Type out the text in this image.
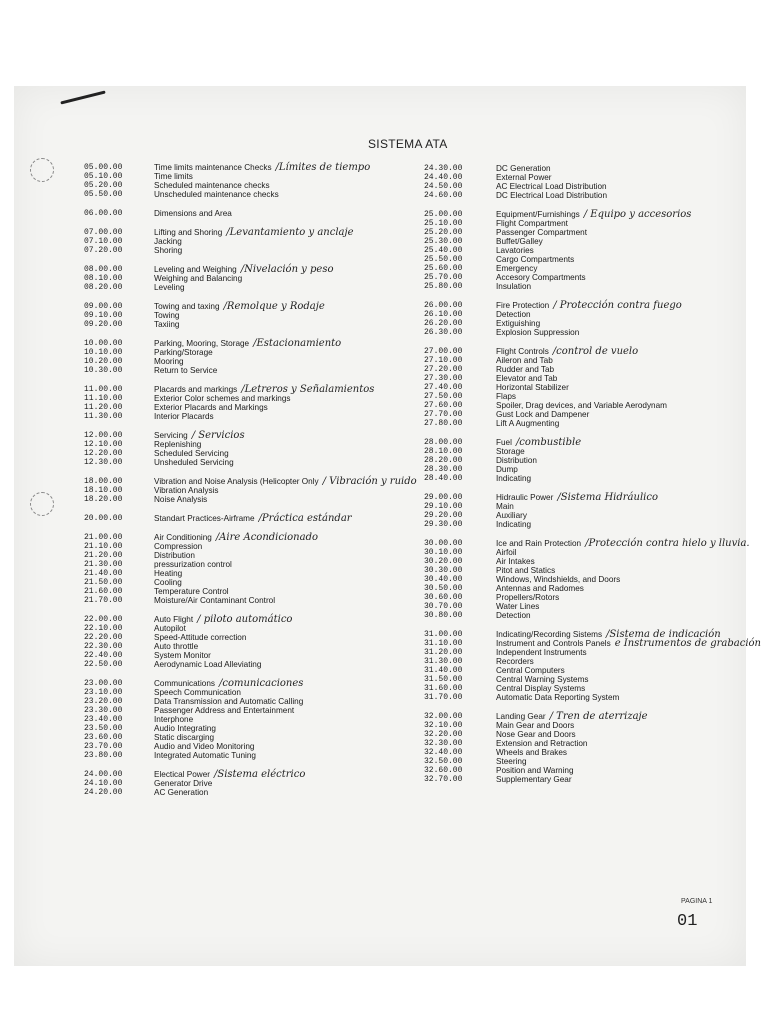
SISTEMA ATA
05.00.00	Time limits maintenance Checks /Límites de tiempo
05.10.00	Time limits
05.20.00	Scheduled maintenance checks
05.50.00	Unscheduled maintenance checks
06.00.00	Dimensions and Area
07.00.00	Lifting and Shoring /Levantamiento y anclaje
07.10.00	Jacking
07.20.00	Shoring
08.00.00	Leveling and Weighing /Nivelación y peso
08.10.00	Weighing and Balancing
08.20.00	Leveling
09.00.00	Towing and taxing /Remolque y Rodaje
09.10.00	Towing
09.20.00	Taxiing
10.00.00	Parking, Mooring, Storage /Estacionamiento
10.10.00	Parking/Storage
10.20.00	Mooring
10.30.00	Return to Service
11.00.00	Placards and markings /Letreros y Señalamientos
11.10.00	Exterior Color schemes and markings
11.20.00	Exterior Placards and Markings
11.30.00	Interior Placards
12.00.00	Servicing / Servicios
12.10.00	Replenishing
12.20.00	Scheduled Servicing
12.30.00	Unsheduled Servicing
18.00.00	Vibration and Noise Analysis (Helicopter Only / Vibración y ruido
18.10.00	Vibration Analysis
18.20.00	Noise Analysis
20.00.00	Standart Practices-Airframe /Práctica estándar
21.00.00	Air Conditioning /Aire Acondicionado
21.10.00	Compression
21.20.00	Distribution
21.30.00	pressurization control
21.40.00	Heating
21.50.00	Cooling
21.60.00	Temperature Control
21.70.00	Moisture/Air Contaminant Control
22.00.00	Auto Flight / piloto automático
22.10.00	Autopilot
22.20.00	Speed-Attitude correction
22.30.00	Auto throttle
22.40.00	System Monitor
22.50.00	Aerodynamic Load Alleviating
23.00.00	Communications /comunicaciones
23.10.00	Speech Communication
23.20.00	Data Transmission and Automatic Calling
23.30.00	Passenger Address and Entertainment
23.40.00	Interphone
23.50.00	Audio Integrating
23.60.00	Static discarging
23.70.00	Audio and Video Monitoring
23.80.00	Integrated Automatic Tuning
24.00.00	Electical Power /Sistema eléctrico
24.10.00	Generator Drive
24.20.00	AC Generation
24.30.00	DC Generation
24.40.00	External Power
24.50.00	AC Electrical Load Distribution
24.60.00	DC Electrical Load Distribution
25.00.00	Equipment/Furnishings / Equipo y accesorios
25.10.00	Flight Compartment
25.20.00	Passenger Compartment
25.30.00	Buffet/Galley
25.40.00	Lavatories
25.50.00	Cargo Compartments
25.60.00	Emergency
25.70.00	Accesory Compartments
25.80.00	Insulation
26.00.00	Fire Protection / Protección contra fuego
26.10.00	Detection
26.20.00	Extiguishing
26.30.00	Explosion Suppression
27.00.00	Flight Controls /control de vuelo
27.10.00	Aileron and Tab
27.20.00	Rudder and Tab
27.30.00	Elevator and Tab
27.40.00	Horizontal Stabilizer
27.50.00	Flaps
27.60.00	Spoiler, Drag devices, and Variable Aerodynam
27.70.00	Gust Lock and Dampener
27.80.00	Lift A Augmenting
28.00.00	Fuel /combustible
28.10.00	Storage
28.20.00	Distribution
28.30.00	Dump
28.40.00	Indicating
29.00.00	Hidraulic Power /Sistema Hidráulico
29.10.00	Main
29.20.00	Auxiliary
29.30.00	Indicating
30.00.00	Ice and Rain Protection /Protección contra hielo y lluvia.
30.10.00	Airfoil
30.20.00	Air Intakes
30.30.00	Pitot and Statics
30.40.00	Windows, Windshields, and Doors
30.50.00	Antennas and Radomes
30.60.00	Propellers/Rotors
30.70.00	Water Lines
30.80.00	Detection
31.00.00	Indicating/Recording Sistems /Sistema de indicación
31.10.00	Instrument and Controls Panels e Instrumentos de grabación
31.20.00	Independent Instruments
31.30.00	Recorders
31.40.00	Central Computers
31.50.00	Central Warning Systems
31.60.00	Central Display Systems
31.70.00	Automatic Data Reporting System
32.00.00	Landing Gear / Tren de aterrizaje
32.10.00	Main Gear and Doors
32.20.00	Nose Gear and Doors
32.30.00	Extension and Retraction
32.40.00	Wheels and Brakes
32.50.00	Steering
32.60.00	Position and Warning
32.70.00	Supplementary Gear
PAGINA 1
01
